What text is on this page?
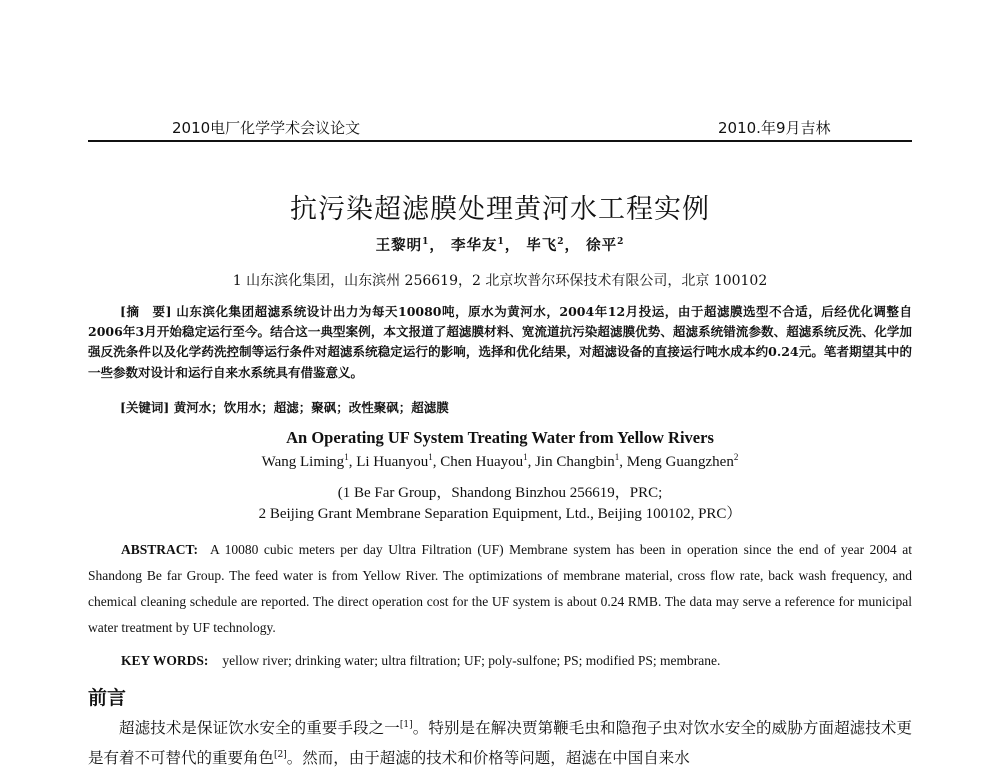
2010电厂化学学术会议论文	2010.年9月吉林
抗污染超滤膜处理黄河水工程实例
王黎明$^1$， 李华友$^1$， 毕飞$^2$， 徐平$^2$
1 山东滨化集团，山东滨州 256619，2 北京坎普尔环保技术有限公司，北京 100102
[摘　要] 山东滨化集团超滤系统设计出力为每天10080吨，原水为黄河水，2004年12月投运，由于超滤膜选型不合适，后经优化调整自2006年3月开始稳定运行至今。结合这一典型案例，本文报道了超滤膜材料、宽流道抗污染超滤膜优势、超滤系统错流参数、超滤系统反洗、化学加强反洗条件以及化学药洗控制等运行条件对超滤系统稳定运行的影响，选择和优化结果，对超滤设备的直接运行吨水成本约0.24元。笔者期望其中的一些参数对设计和运行自来水系统具有借鉴意义。
[关键词] 黄河水；饮用水；超滤；聚砜；改性聚砜；超滤膜
An Operating UF System Treating Water from Yellow Rivers
Wang Liming$^1$, Li Huanyou$^1$, Chen Huayou$^1$, Jin Changbin$^1$, Meng Guangzhen$^2$
(1 Be Far Group，Shandong Binzhou 256619，PRC;
2 Beijing Grant Membrane Separation Equipment, Ltd., Beijing 100102, PRC）
ABSTRACT: A 10080 cubic meters per day Ultra Filtration (UF) Membrane system has been in operation since the end of year 2004 at Shandong Be far Group. The feed water is from Yellow River. The optimizations of membrane material, cross flow rate, back wash frequency, and chemical cleaning schedule are reported. The direct operation cost for the UF system is about 0.24 RMB. The data may serve a reference for municipal water treatment by UF technology.
KEY WORDS: yellow river; drinking water; ultra filtration; UF; poly-sulfone; PS; modified PS; membrane.
前言
超滤技术是保证饮水安全的重要手段之一[1]。特别是在解决贾第鞭毛虫和隐孢子虫对饮水安全的威胁方面超滤技术更是有着不可替代的重要角色[2]。然而，由于超滤的技术和价格等问题，超滤在中国自来水
